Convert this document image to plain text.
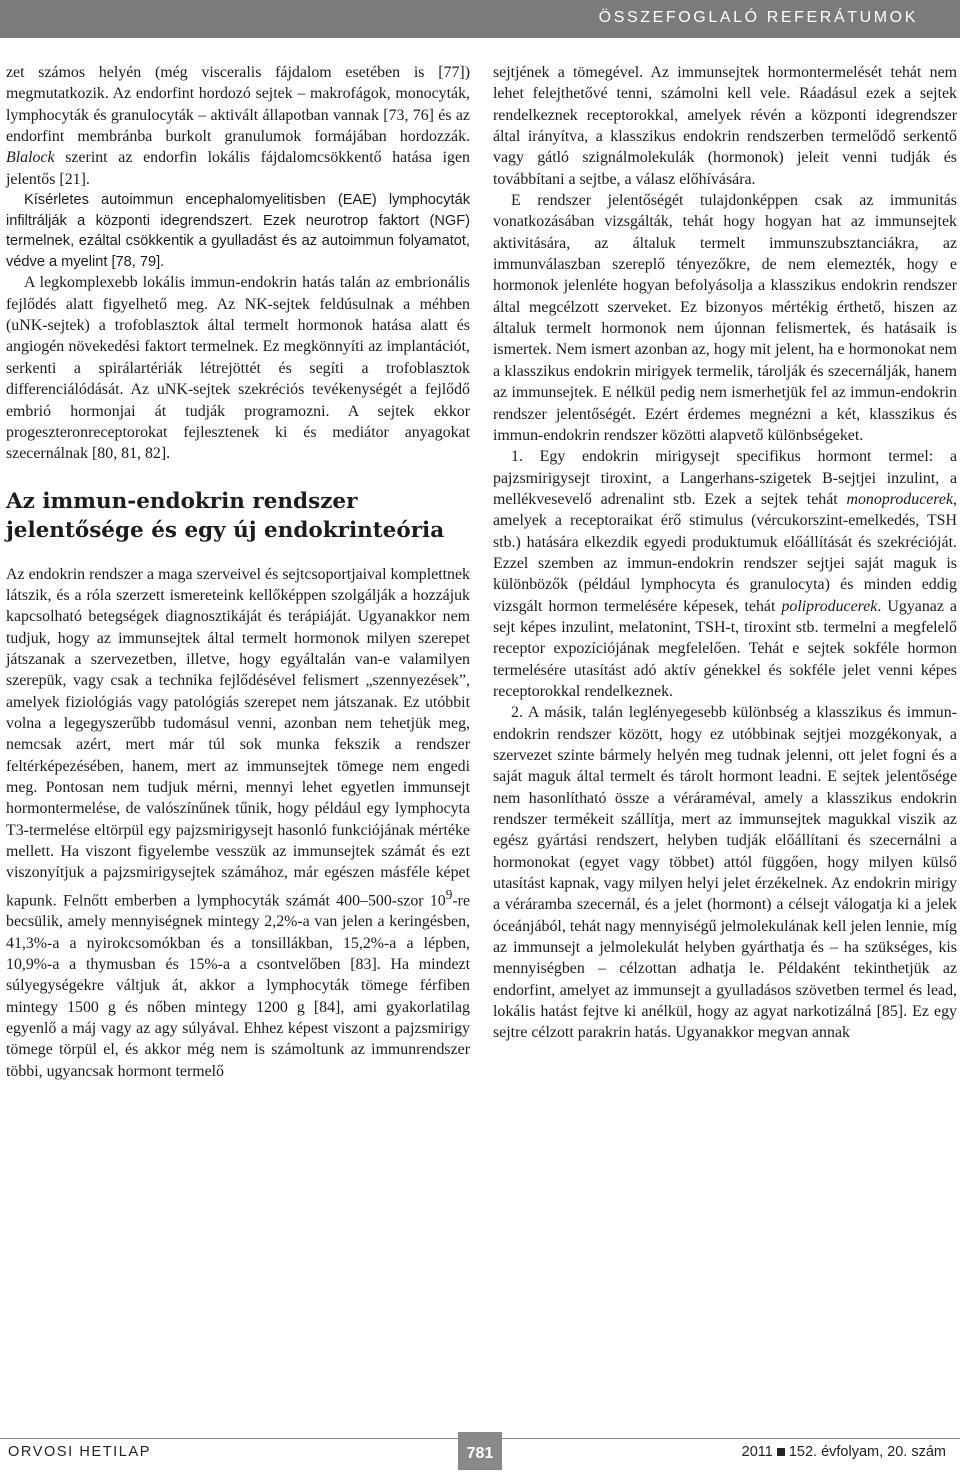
ÖSSZEFOGLALÓ REFERÁTUMOK

zet számos helyén (még visceralis fájdalom esetében is [77]) megmutatkozik. Az endorfint hordozó sejtek – makrofágok, monocyták, lymphocyták és granulocyták – aktivált állapotban vannak [73, 76] és az endorfint membránba burkolt granulumok formájában hordozzák. Blalock szerint az endorfin lokális fájdalomcsökkentő hatása igen jelentős [21].

Kísérletes autoimmun encephalomyelitisben (EAE) lymphocyták infiltrálják a központi idegrendszert. Ezek neurotrop faktort (NGF) termelnek, ezáltal csökkentik a gyulladást és az autoimmun folyamatot, védve a myelint [78, 79].

A legkomplexebb lokális immun-endokrin hatás talán az embrionális fejlődés alatt figyelhető meg. Az NK-sejtek feldúsulnak a méhben (uNK-sejtek) a trofoblasztok által termelt hormonok hatása alatt és angiogén növekedési faktort termelnek. Ez megkönnyíti az implantációt, serkenti a spirálartériák létrejöttét és segíti a trofoblasztok differenciálódását. Az uNK-sejtek szekréciós tevékenységét a fejlődő embrió hormonjai át tudják programozni. A sejtek ekkor progeszteronreceptorokat fejlesztenek ki és mediátor anyagokat szecernálnak [80, 81, 82].

Az immun-endokrin rendszer jelentősége és egy új endokrinteória

Az endokrin rendszer a maga szerveivel és sejtcsoportjaival komplettnek látszik, és a róla szerzett ismereteink kellőképpen szolgálják a hozzájuk kapcsolható betegségek diagnosztikáját és terápiáját. Ugyanakkor nem tudjuk, hogy az immunsejtek által termelt hormonok milyen szerepet játszanak a szervezetben, illetve, hogy egyáltalán van-e valamilyen szerepük, vagy csak a technika fejlődésével felismert „szennyezések”, amelyek fiziológiás vagy patológiás szerepet nem játszanak. Ez utóbbit volna a legegyszerűbb tudomásul venni, azonban nem tehetjük meg, nemcsak azért, mert már túl sok munka fekszik a rendszer feltérképezésében, hanem, mert az immunsejtek tömege nem engedi meg. Pontosan nem tudjuk mérni, mennyi lehet egyetlen immunsejt hormontermelése, de valószínűnek tűnik, hogy például egy lymphocyta T3-termelése eltörpül egy pajzsmirigysejt hasonló funkciójának mértéke mellett. Ha viszont figyelembe vesszük az immunsejtek számát és ezt viszonyítjuk a pajzsmirigysejtek számához, már egészen másféle képet kapunk. Felnőtt emberben a lymphocyták számát 400–500-szor $10^9-re$ becsülik, amely mennyiségnek mintegy 2,2%-a van jelen a keringésben, 41,3%-a a nyirokcsomókban és a tonsillákban, 15,2%-a a lépben, 10,9%-a a thymusban és 15%-a a csontvelőben [83]. Ha mindezt súlyegységekre váltjuk át, akkor a lymphocyták tömege férfiben mintegy 1500 g és nőben mintegy 1200 g [84], ami gyakorlatilag egyenlő a máj vagy az agy súlyával. Ehhez képest viszont a pajzsmirigy tömege törpül el, és akkor még nem is számoltunk az immunrendszer többi, ugyancsak hormont termelő

sejtjének a tömegével. Az immunsejtek hormontermelését tehát nem lehet felejthetővé tenni, számolni kell vele. Ráadásul ezek a sejtek rendelkeznek receptorokkal, amelyek révén a központi idegrendszer által irányítva, a klasszikus endokrin rendszerben termelődő serkentő vagy gátló szignálmolekulák (hormonok) jeleit venni tudják és továbbítani a sejtbe, a válasz előhívására.

E rendszer jelentőségét tulajdonképpen csak az immunitás vonatkozásában vizsgálták, tehát hogy hogyan hat az immunsejtek aktivitására, az általuk termelt immunszubsztanciákra, az immunválaszban szereplő tényezőkre, de nem elemezték, hogy e hormonok jelenléte hogyan befolyásolja a klasszikus endokrin rendszer által megcélzott szerveket. Ez bizonyos mértékig érthető, hiszen az általuk termelt hormonok nem újonnan felismertek, és hatásaik is ismertek. Nem ismert azonban az, hogy mit jelent, ha e hormonokat nem a klasszikus endokrin mirigyek termelik, tárolják és szecernálják, hanem az immunsejtek. E nélkül pedig nem ismerhetjük fel az immun-endokrin rendszer jelentőségét. Ezért érdemes megnézni a két, klasszikus és immun-endokrin rendszer közötti alapvető különbségeket.

1. Egy endokrin mirigysejt specifikus hormont termel: a pajzsmirigysejt tiroxint, a Langerhans-szigetek B-sejtjei inzulint, a mellékvesevelő adrenalint stb. Ezek a sejtek tehát monoproducerek, amelyek a receptoraikat érő stimulus (vércukorszint-emelkedés, TSH stb.) hatására elkezdik egyedi produktumuk előállítását és szekrécióját. Ezzel szemben az immun-endokrin rendszer sejtjei saját maguk is különbözők (például lymphocyta és granulocyta) és minden eddig vizsgált hormon termelésére képesek, tehát poliproducerek. Ugyanaz a sejt képes inzulint, melatonint, TSH-t, tiroxint stb. termelni a megfelelő receptor expozíciójának megfelelően. Tehát e sejtek sokféle hormon termelésére utasítást adó aktív génekkel és sokféle jelet venni képes receptorokkal rendelkeznek.

2. A másik, talán leglényegesebb különbség a klasszikus és immun-endokrin rendszer között, hogy ez utóbbinak sejtjei mozgékonyak, a szervezet szinte bármely helyén meg tudnak jelenni, ott jelet fogni és a saját maguk által termelt és tárolt hormont leadni. E sejtek jelentősége nem hasonlítható össze a véráraméval, amely a klasszikus endokrin rendszer termékeit szállítja, mert az immunsejtek magukkal viszik az egész gyártási rendszert, helyben tudják előállítani és szecernálni a hormonokat (egyet vagy többet) attól függően, hogy milyen külső utasítást kapnak, vagy milyen helyi jelet érzékelnek. Az endokrin mirigy a véráramba szecernál, és a jelet (hormont) a célsejt válogatja ki a jelek óceánjából, tehát nagy mennyiségű jelmolekulának kell jelen lennie, míg az immunsejt a jelmolekulát helyben gyárthatja és – ha szükséges, kis mennyiségben – célzottan adhatja le. Példaként tekinthetjük az endorfint, amelyet az immunsejt a gyulladásos szövetben termel és lead, lokális hatást fejtve ki anélkül, hogy az agyat narkotizálná [85]. Ez egy sejtre célzott parakrin hatás. Ugyanakkor megvan annak

ORVOSI HETILAP	781	2011 152. évfolyam, 20. szám
